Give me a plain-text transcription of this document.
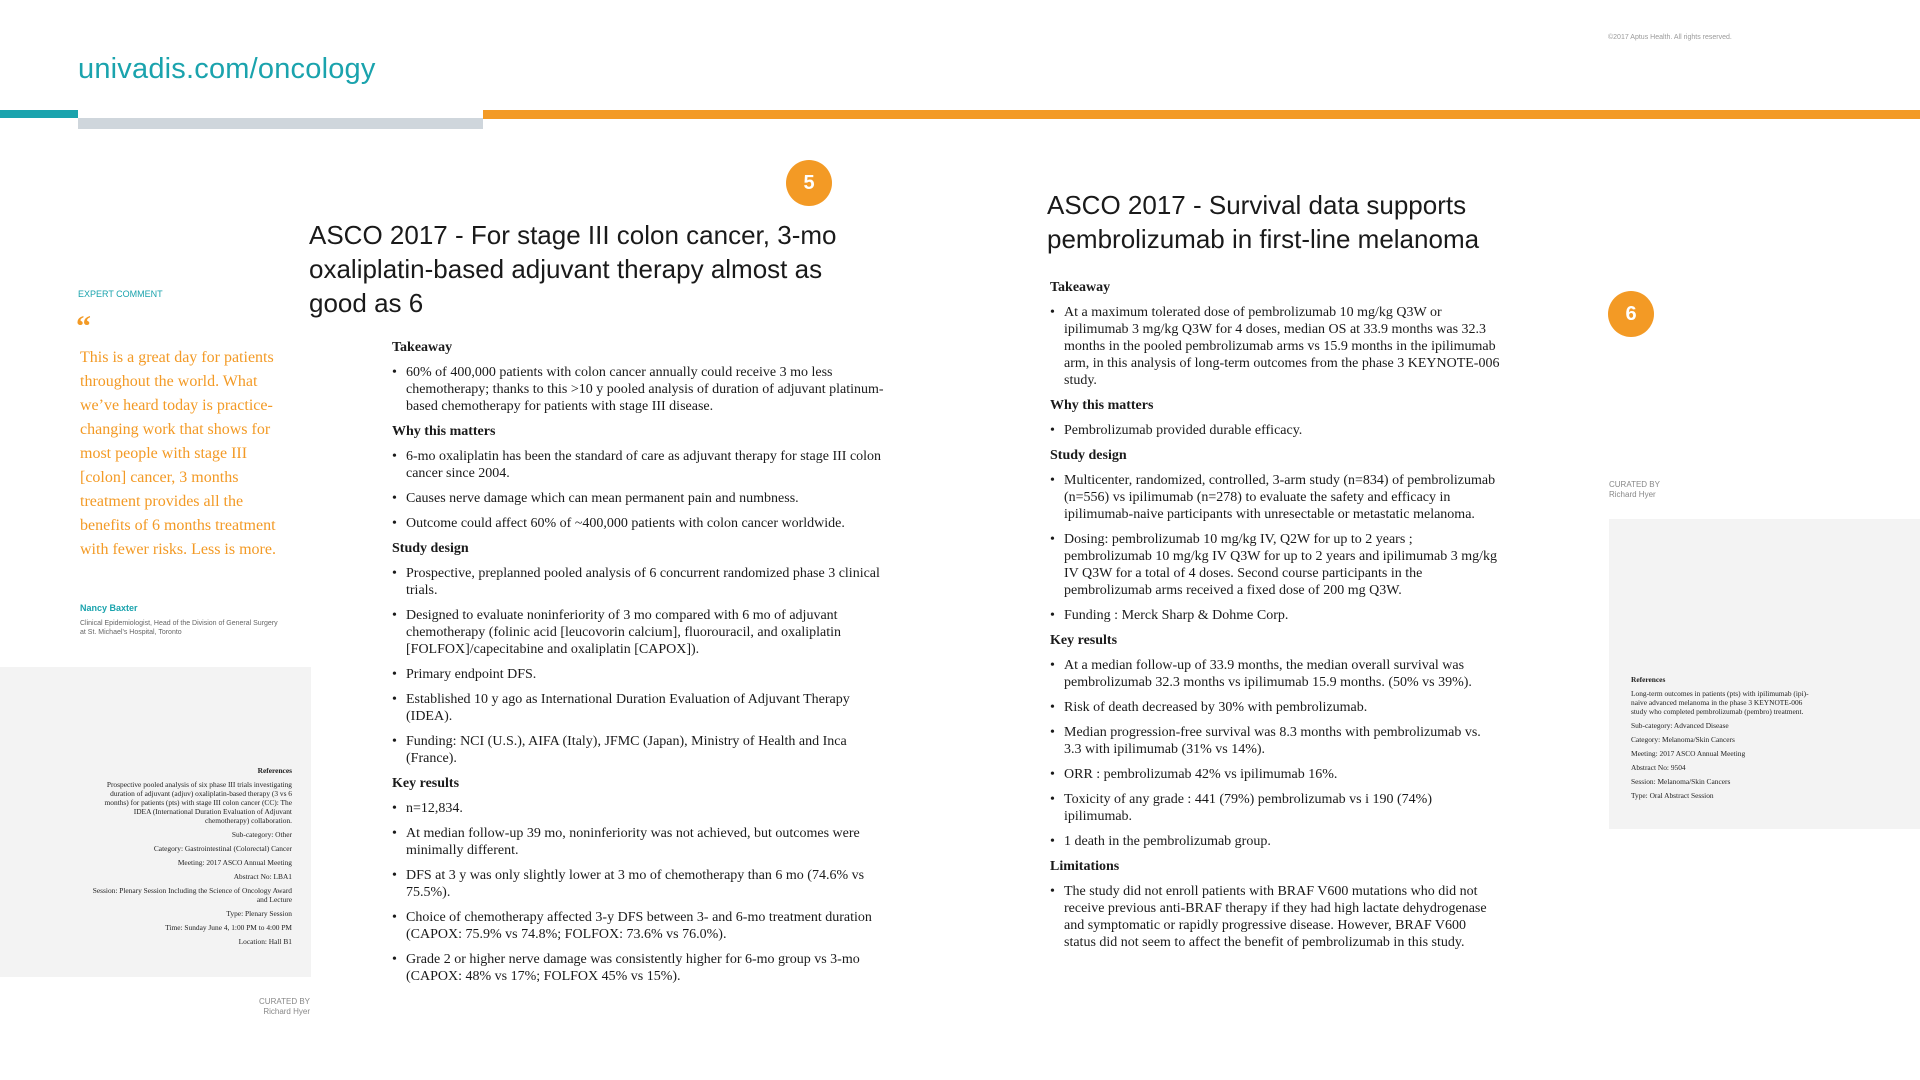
univadis.com/oncology
©2017 Aptus Health. All rights reserved.
EXPERT COMMENT
“
This is a great day for patients throughout the world. What we’ve heard today is practice-changing work that shows for most people with stage III [colon] cancer, 3 months treatment provides all the benefits of 6 months treatment with fewer risks. Less is more.
Nancy Baxter
Clinical Epidemiologist, Head of the Division of General Surgery at St. Michael’s Hospital, Toronto

References

Prospective pooled analysis of six phase III trials investigating duration of adjuvant (adjuv) oxaliplatin-based therapy (3 vs 6 months) for patients (pts) with stage III colon cancer (CC): The IDEA (International Duration Evaluation of Adjuvant chemotherapy) collaboration.

Sub-category: Other

Category: Gastrointestinal (Colorectal) Cancer

Meeting: 2017 ASCO Annual Meeting

Abstract No: LBA1

Session: Plenary Session Including the Science of Oncology Award and Lecture

Type: Plenary Session

Time: Sunday June 4, 1:00 PM to 4:00 PM

Location: Hall B1

CURATED BY
Richard Hyer
5
ASCO 2017 - For stage III colon cancer, 3-mo oxaliplatin-based adjuvant therapy almost as good as 6
Takeaway
• 60% of 400,000 patients with colon cancer annually could receive 3 mo less chemotherapy; thanks to this >10 y pooled analysis of duration of adjuvant platinum-based chemotherapy for patients with stage III disease.
Why this matters
• 6-mo oxaliplatin has been the standard of care as adjuvant therapy for stage III colon cancer since 2004.
• Causes nerve damage which can mean permanent pain and numbness.
• Outcome could affect 60% of ~400,000 patients with colon cancer worldwide.
Study design
• Prospective, preplanned pooled analysis of 6 concurrent randomized phase 3 clinical trials.
• Designed to evaluate noninferiority of 3 mo compared with 6 mo of adjuvant chemotherapy (folinic acid [leucovorin calcium], fluorouracil, and oxaliplatin [FOLFOX]/capecitabine and oxaliplatin [CAPOX]).
• Primary endpoint DFS.
• Established 10 y ago as International Duration Evaluation of Adjuvant Therapy (IDEA).
• Funding: NCI (U.S.), AIFA (Italy), JFMC (Japan), Ministry of Health and Inca (France).
Key results
• n=12,834.
• At median follow-up 39 mo, noninferiority was not achieved, but outcomes were minimally different.
• DFS at 3 y was only slightly lower at 3 mo of chemotherapy than 6 mo (74.6% vs 75.5%).
• Choice of chemotherapy affected 3-y DFS between 3- and 6-mo treatment duration (CAPOX: 75.9% vs 74.8%; FOLFOX: 73.6% vs 76.0%).
• Grade 2 or higher nerve damage was consistently higher for 6-mo group vs 3-mo (CAPOX: 48% vs 17%; FOLFOX 45% vs 15%).
ASCO 2017 - Survival data supports pembrolizumab in first-line melanoma
6
Takeaway
• At a maximum tolerated dose of pembrolizumab 10 mg/kg Q3W or ipilimumab 3 mg/kg Q3W for 4 doses, median OS at 33.9 months was 32.3 months in the pooled pembrolizumab arms vs 15.9 months in the ipilimumab arm, in this analysis of long-term outcomes from the phase 3 KEYNOTE-006 study.
Why this matters
• Pembrolizumab provided durable efficacy.
Study design
• Multicenter, randomized, controlled, 3-arm study (n=834) of pembrolizumab (n=556) vs ipilimumab (n=278) to evaluate the safety and efficacy in ipilimumab-naive participants with unresectable or metastatic melanoma.
• Dosing: pembrolizumab 10 mg/kg IV, Q2W for up to 2 years ; pembrolizumab 10 mg/kg IV Q3W for up to 2 years and ipilimumab 3 mg/kg IV Q3W for a total of 4 doses. Second course participants in the pembrolizumab arms received a fixed dose of 200 mg Q3W.
• Funding : Merck Sharp & Dohme Corp.
Key results
• At a median follow-up of 33.9 months, the median overall survival was pembrolizumab 32.3 months vs ipilimumab 15.9 months. (50% vs 39%).
• Risk of death decreased by 30% with pembrolizumab.
• Median progression-free survival was 8.3 months with pembrolizumab vs. 3.3 with ipilimumab (31% vs 14%).
• ORR : pembrolizumab 42% vs ipilimumab 16%.
• Toxicity of any grade : 441 (79%) pembrolizumab vs i 190 (74%) ipilimumab.
• 1 death in the pembrolizumab group.
Limitations
• The study did not enroll patients with BRAF V600 mutations who did not receive previous anti-BRAF therapy if they had high lactate dehydrogenase and symptomatic or rapidly progressive disease. However, BRAF V600 status did not seem to affect the benefit of pembrolizumab in this study.
CURATED BY
Richard Hyer

References

Long-term outcomes in patients (pts) with ipilimumab (ipi)-naive advanced melanoma in the phase 3 KEYNOTE-006 study who completed pembrolizumab (pembro) treatment.

Sub-category: Advanced Disease

Category: Melanoma/Skin Cancers

Meeting: 2017 ASCO Annual Meeting

Abstract No: 9504

Session: Melanoma/Skin Cancers

Type: Oral Abstract Session
